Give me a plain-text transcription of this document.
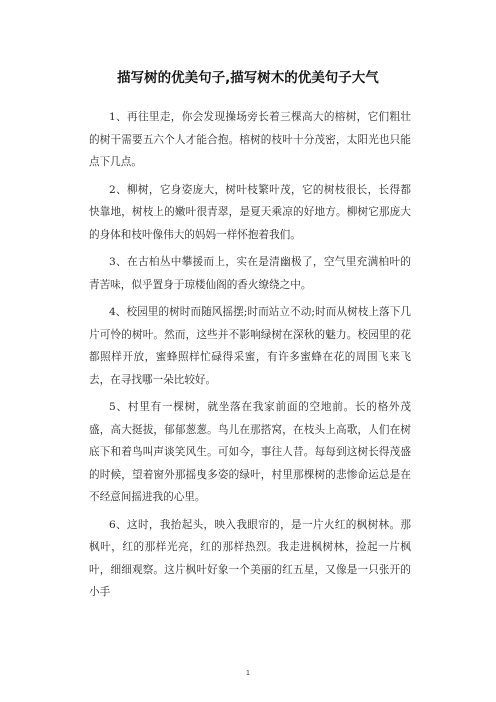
描写树的优美句子,描写树木的优美句子大气

1、再往里走，你会发现操场旁长着三棵高大的榕树，它们粗壮的树干需要五六个人才能合抱。榕树的枝叶十分茂密，太阳光也只能点下几点。

2、柳树，它身姿庞大，树叶枝繁叶茂，它的树枝很长，长得都快靠地，树枝上的嫩叶很青翠，是夏天乘凉的好地方。柳树它那庞大的身体和枝叶像伟大的妈妈一样怀抱着我们。

3、在古柏丛中攀援而上，实在是清幽极了，空气里充满柏叶的青苦味，似乎置身于琼楼仙阁的香火缭绕之中。

4、校园里的树时而随风摇摆;时而站立不动;时而从树枝上落下几片可怜的树叶。然而，这些并不影响绿树在深秋的魅力。校园里的花都照样开放，蜜蜂照样忙碌得采蜜，有许多蜜蜂在花的周围飞来飞去，在寻找哪一朵比较好。

5、村里有一棵树，就坐落在我家前面的空地前。长的格外茂盛，高大挺拔，郁郁葱葱。鸟儿在那搭窝，在枝头上高歌，人们在树底下和着鸟叫声谈笑风生。可如今，事往人昔。每每到这树长得茂盛的时候，望着窗外那摇曳多姿的绿叶，村里那棵树的悲惨命运总是在不经意间摇进我的心里。

6、这时，我抬起头，映入我眼帘的，是一片火红的枫树林。那枫叶，红的那样光亮，红的那样热烈。我走进枫树林，捡起一片枫叶，细细观察。这片枫叶好象一个美丽的红五星，又像是一只张开的小手

1
